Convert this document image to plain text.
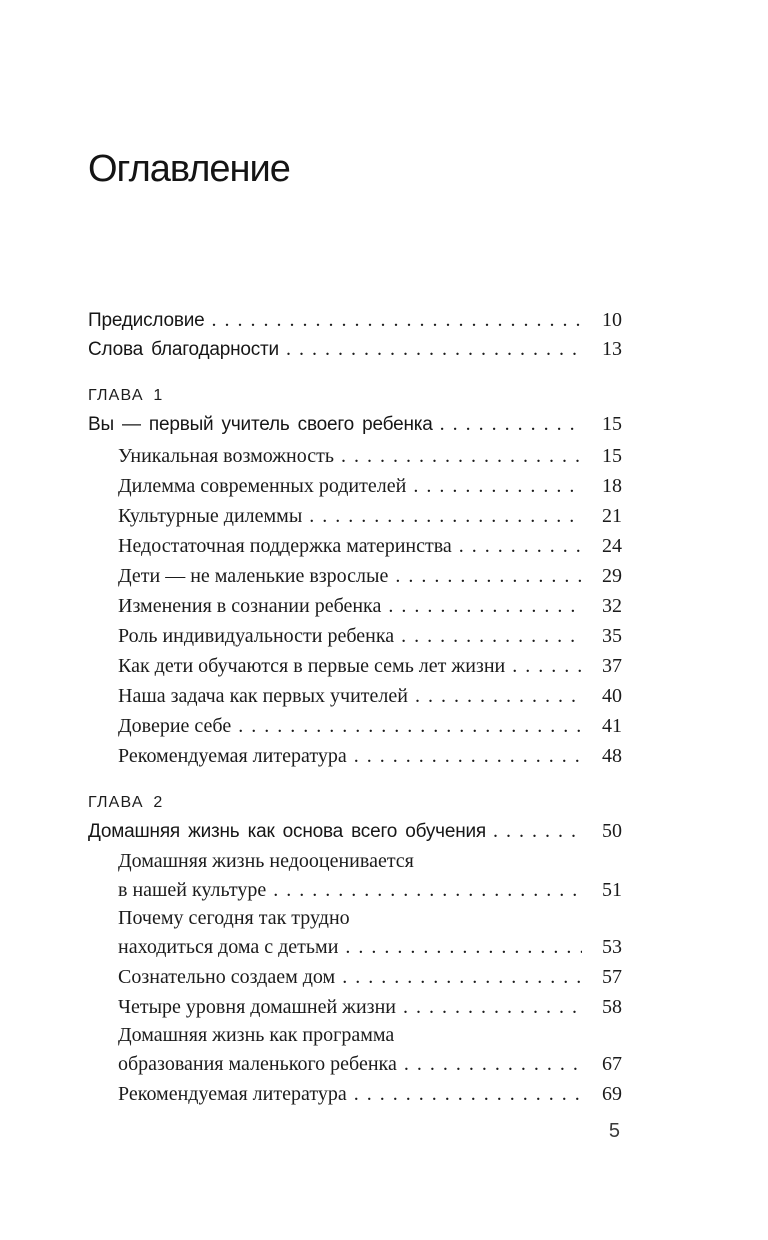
Оглавление
Предисловие .....	10
Слова благодарности .....	13
ГЛАВА 1
Вы — первый учитель своего ребенка .....	15
Уникальная возможность .....	15
Дилемма современных родителей .....	18
Культурные дилеммы .....	21
Недостаточная поддержка материнства .....	24
Дети — не маленькие взрослые .....	29
Изменения в сознании ребенка .....	32
Роль индивидуальности ребенка .....	35
Как дети обучаются в первые семь лет жизни .....	37
Наша задача как первых учителей .....	40
Доверие себе .....	41
Рекомендуемая литература .....	48
ГЛАВА 2
Домашняя жизнь как основа всего обучения .....	50
Домашняя жизнь недооценивается
в нашей культуре .....	51
Почему сегодня так трудно
находиться дома с детьми .....	53
Сознательно создаем дом .....	57
Четыре уровня домашней жизни .....	58
Домашняя жизнь как программа
образования маленького ребенка .....	67
Рекомендуемая литература .....	69
5
